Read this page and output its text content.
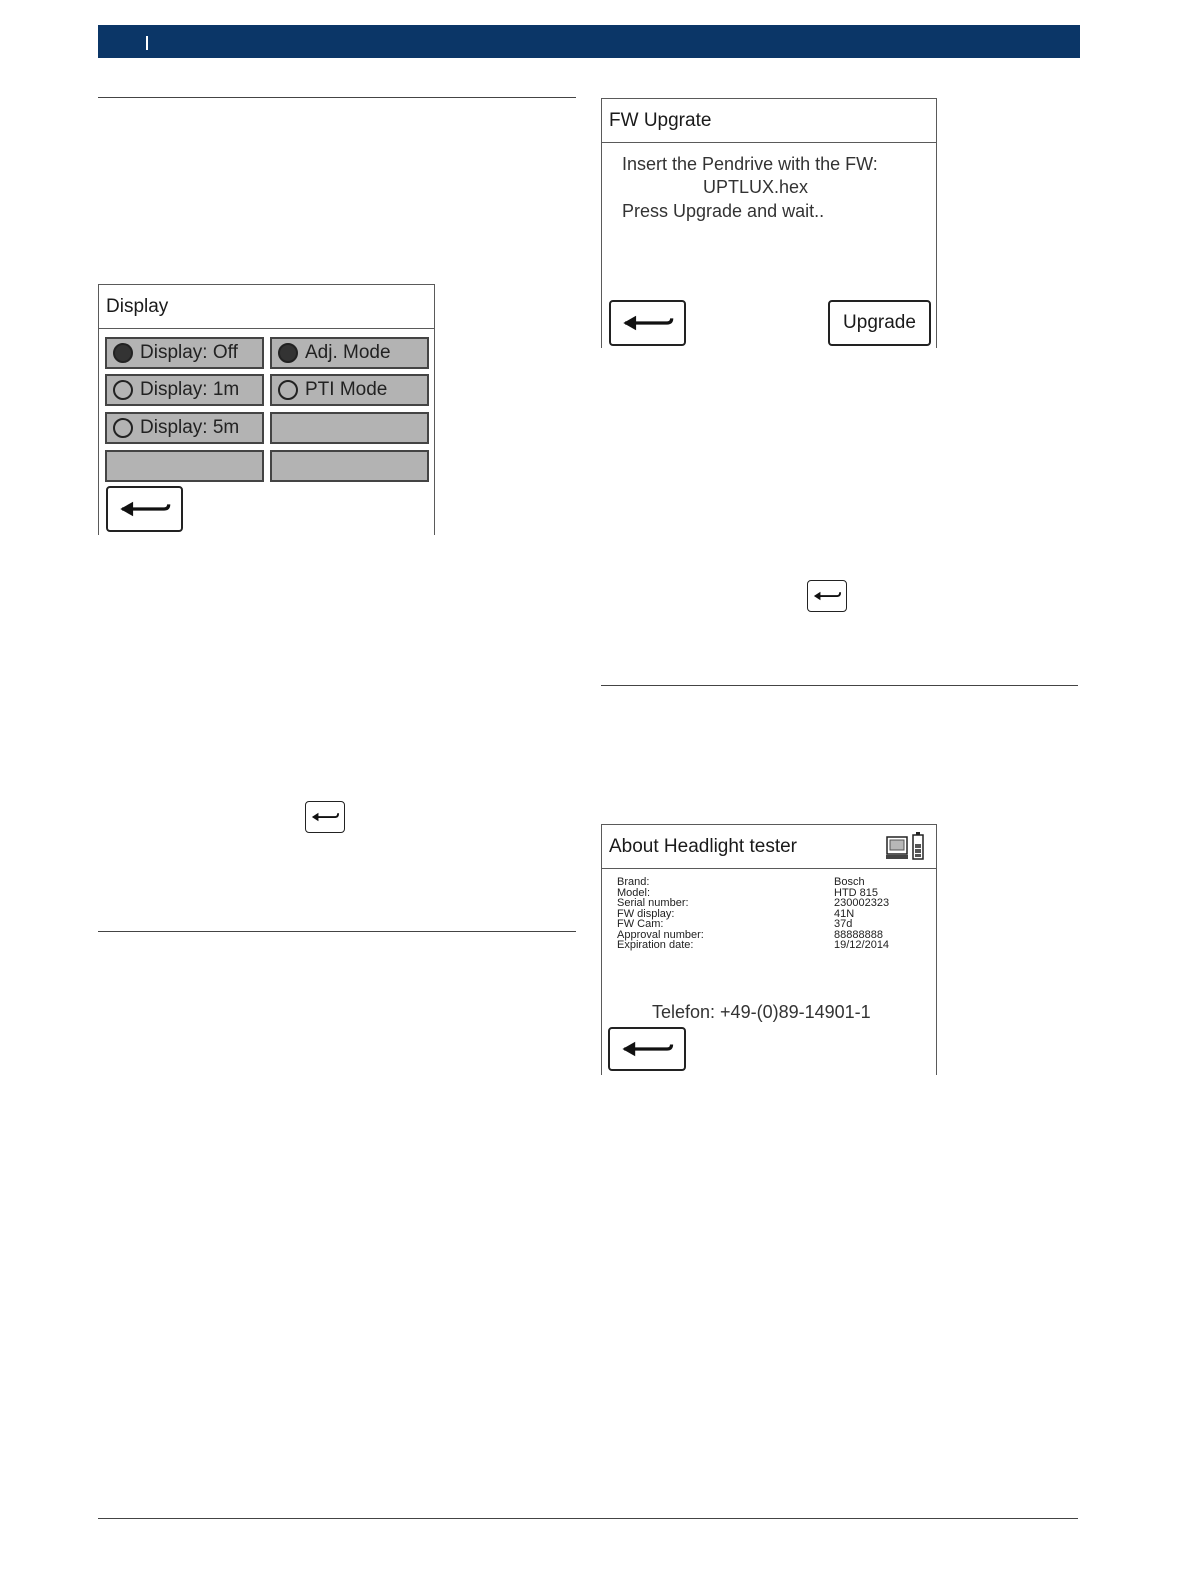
Display
Display: Off	Adj. Mode
Display: 1m	PTI Mode
Display: 5m
FW Upgrate
Insert the Pendrive with the FW:
UPTLUX.hex
Press Upgrade and wait..
Upgrade
About Headlight tester
Brand:
Model:
Serial number:
FW display:
FW Cam:
Approval number:
Expiration date:
Bosch
HTD 815
230002323
41N
37d
88888888
19/12/2014
Telefon: +49-(0)89-14901-1
